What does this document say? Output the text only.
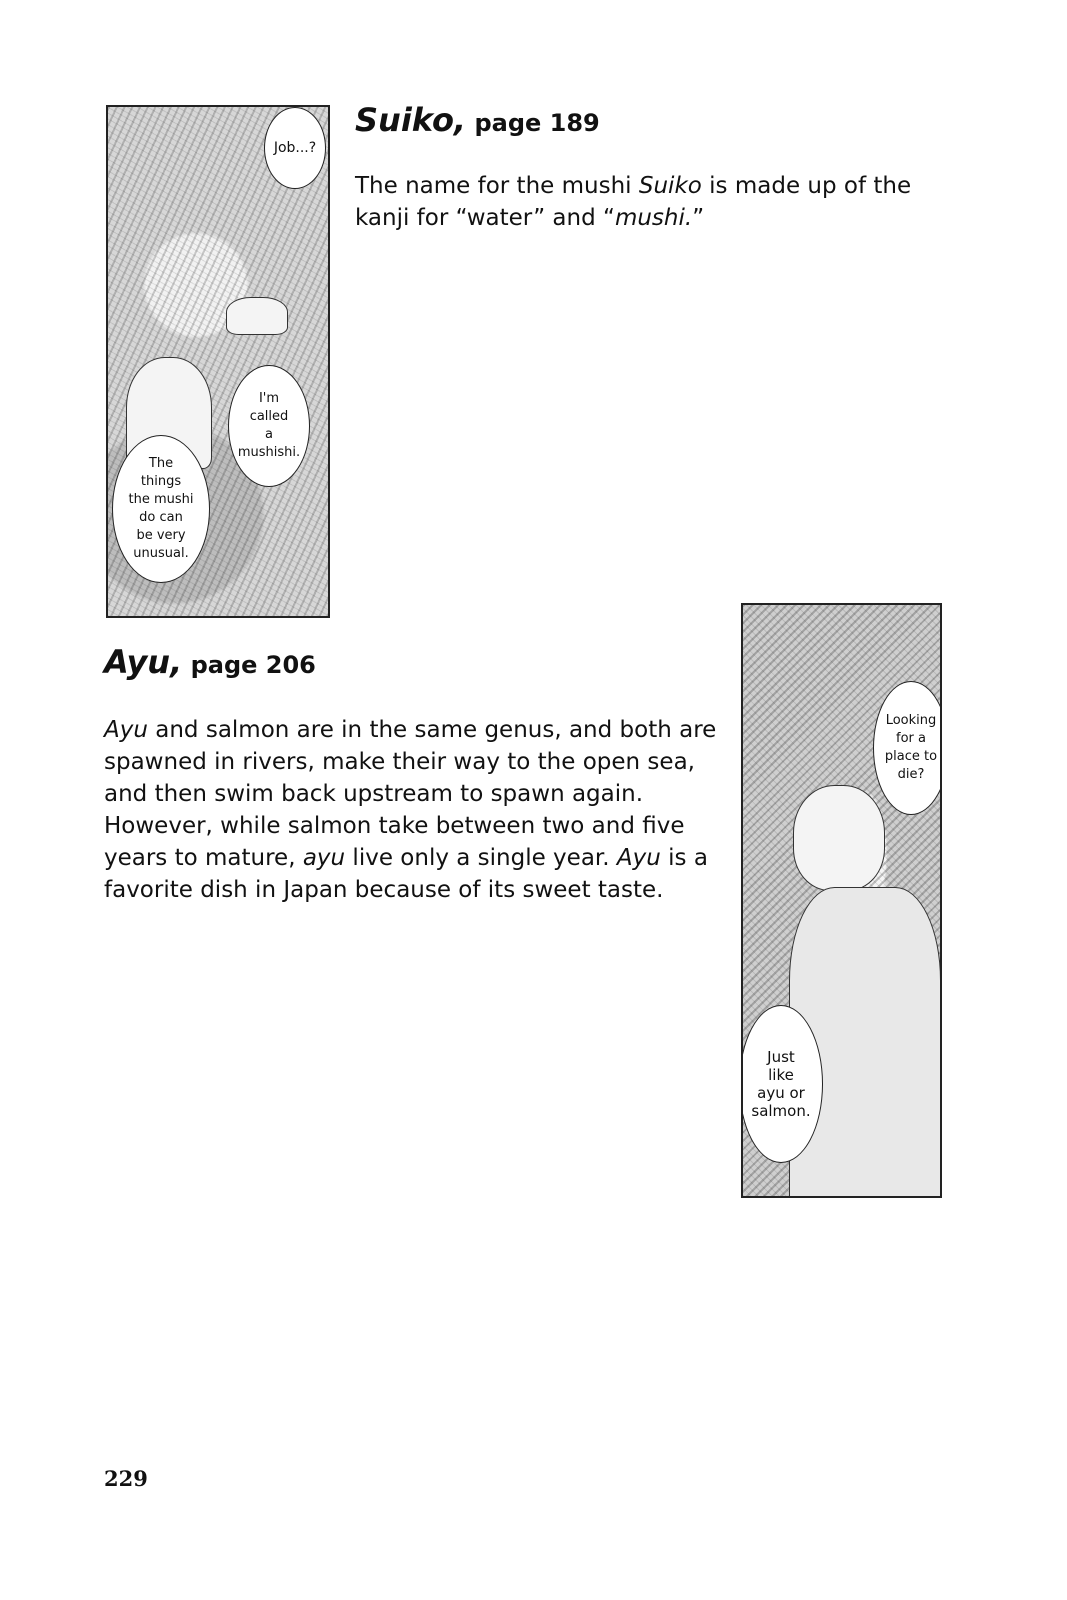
Job...?
I'm
called
a
mushishi.
The
things
the mushi
do can
be very
unusual.
Suiko, page 189

The name for the mushi Suiko is made up of the kanji for “water” and “mushi.”

Ayu, page 206

Ayu and salmon are in the same genus, and both are spawned in rivers, make their way to the open sea, and then swim back upstream to spawn again. However, while salmon take between two and five years to mature, ayu live only a single year. Ayu is a favorite dish in Japan because of its sweet taste.

Looking
for a
place to
die?
Just
like
ayu or
salmon.
229
